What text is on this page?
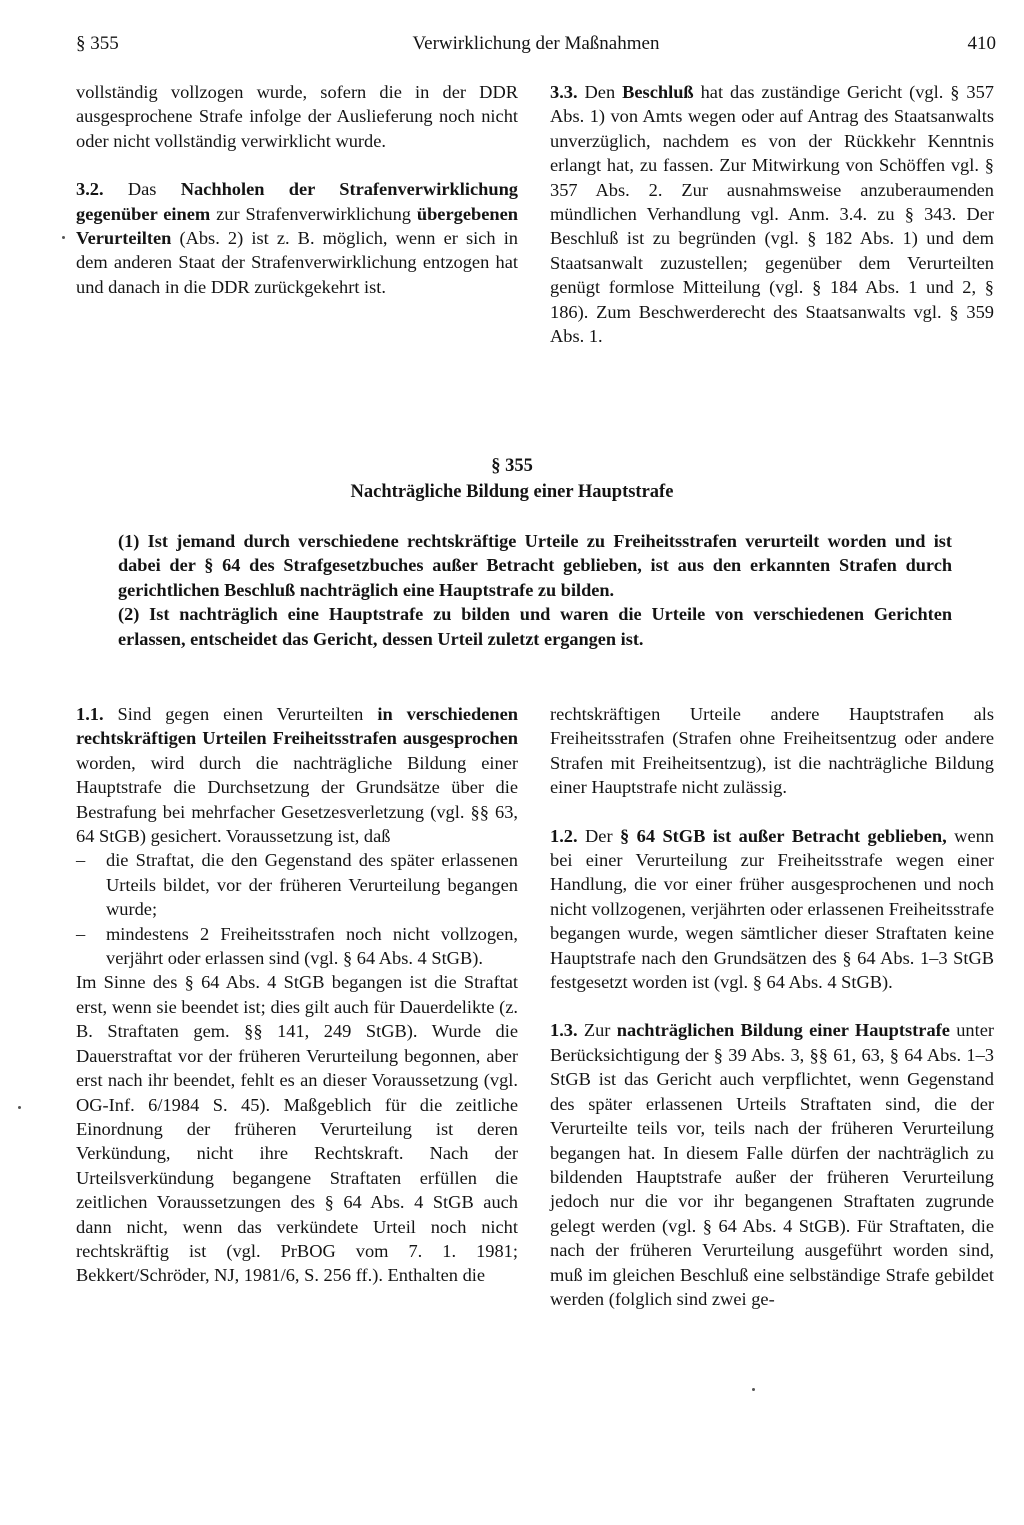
§ 355	Verwirklichung der Maßnahmen	410

vollständig vollzogen wurde, sofern die in der DDR ausgesprochene Strafe infolge der Auslieferung noch nicht oder nicht vollständig verwirklicht wurde.

3.2. Das Nachholen der Strafenverwirklichung gegenüber einem zur Strafenverwirklichung übergebenen Verurteilten (Abs. 2) ist z. B. möglich, wenn er sich in dem anderen Staat der Strafenverwirklichung entzogen hat und danach in die DDR zurückgekehrt ist.

3.3. Den Beschluß hat das zuständige Gericht (vgl. § 357 Abs. 1) von Amts wegen oder auf Antrag des Staatsanwalts unverzüglich, nachdem es von der Rückkehr Kenntnis erlangt hat, zu fassen. Zur Mitwirkung von Schöffen vgl. § 357 Abs. 2. Zur ausnahmsweise anzuberaumenden mündlichen Verhandlung vgl. Anm. 3.4. zu § 343. Der Beschluß ist zu begründen (vgl. § 182 Abs. 1) und dem Staatsanwalt zuzustellen; gegenüber dem Verurteilten genügt formlose Mitteilung (vgl. § 184 Abs. 1 und 2, § 186). Zum Beschwerderecht des Staatsanwalts vgl. § 359 Abs. 1.

§ 355
Nachträgliche Bildung einer Hauptstrafe

(1) Ist jemand durch verschiedene rechtskräftige Urteile zu Freiheitsstrafen verurteilt worden und ist dabei der § 64 des Strafgesetzbuches außer Betracht geblieben, ist aus den erkannten Strafen durch gerichtlichen Beschluß nachträglich eine Hauptstrafe zu bilden.

(2) Ist nachträglich eine Hauptstrafe zu bilden und waren die Urteile von verschiedenen Gerichten erlassen, entscheidet das Gericht, dessen Urteil zuletzt ergangen ist.

1.1. Sind gegen einen Verurteilten in verschiedenen rechtskräftigen Urteilen Freiheitsstrafen ausgesprochen worden, wird durch die nachträgliche Bildung einer Hauptstrafe die Durchsetzung der Grundsätze über die Bestrafung bei mehrfacher Gesetzesverletzung (vgl. §§ 63, 64 StGB) gesichert. Voraussetzung ist, daß

– die Straftat, die den Gegenstand des später erlassenen Urteils bildet, vor der früheren Verurteilung begangen wurde;
– mindestens 2 Freiheitsstrafen noch nicht vollzogen, verjährt oder erlassen sind (vgl. § 64 Abs. 4 StGB).

Im Sinne des § 64 Abs. 4 StGB begangen ist die Straftat erst, wenn sie beendet ist; dies gilt auch für Dauerdelikte (z. B. Straftaten gem. §§ 141, 249 StGB). Wurde die Dauerstraftat vor der früheren Verurteilung begonnen, aber erst nach ihr beendet, fehlt es an dieser Voraussetzung (vgl. OG-Inf. 6/1984 S. 45). Maßgeblich für die zeitliche Einordnung der früheren Verurteilung ist deren Verkündung, nicht ihre Rechtskraft. Nach der Urteilsverkündung begangene Straftaten erfüllen die zeitlichen Voraussetzungen des § 64 Abs. 4 StGB auch dann nicht, wenn das verkündete Urteil noch nicht rechtskräftig ist (vgl. PrBOG vom 7. 1. 1981; Bekkert/Schröder, NJ, 1981/6, S. 256 ff.). Enthalten die

rechtskräftigen Urteile andere Hauptstrafen als Freiheitsstrafen (Strafen ohne Freiheitsentzug oder andere Strafen mit Freiheitsentzug), ist die nachträgliche Bildung einer Hauptstrafe nicht zulässig.

1.2. Der § 64 StGB ist außer Betracht geblieben, wenn bei einer Verurteilung zur Freiheitsstrafe wegen einer Handlung, die vor einer früher ausgesprochenen und noch nicht vollzogenen, verjährten oder erlassenen Freiheitsstrafe begangen wurde, wegen sämtlicher dieser Straftaten keine Hauptstrafe nach den Grundsätzen des § 64 Abs. 1–3 StGB festgesetzt worden ist (vgl. § 64 Abs. 4 StGB).

1.3. Zur nachträglichen Bildung einer Hauptstrafe unter Berücksichtigung der § 39 Abs. 3, §§ 61, 63, § 64 Abs. 1–3 StGB ist das Gericht auch verpflichtet, wenn Gegenstand des später erlassenen Urteils Straftaten sind, die der Verurteilte teils vor, teils nach der früheren Verurteilung begangen hat. In diesem Falle dürfen der nachträglich zu bildenden Hauptstrafe außer der früheren Verurteilung jedoch nur die vor ihr begangenen Straftaten zugrunde gelegt werden (vgl. § 64 Abs. 4 StGB). Für Straftaten, die nach der früheren Verurteilung ausgeführt worden sind, muß im gleichen Beschluß eine selbständige Strafe gebildet werden (folglich sind zwei ge-
